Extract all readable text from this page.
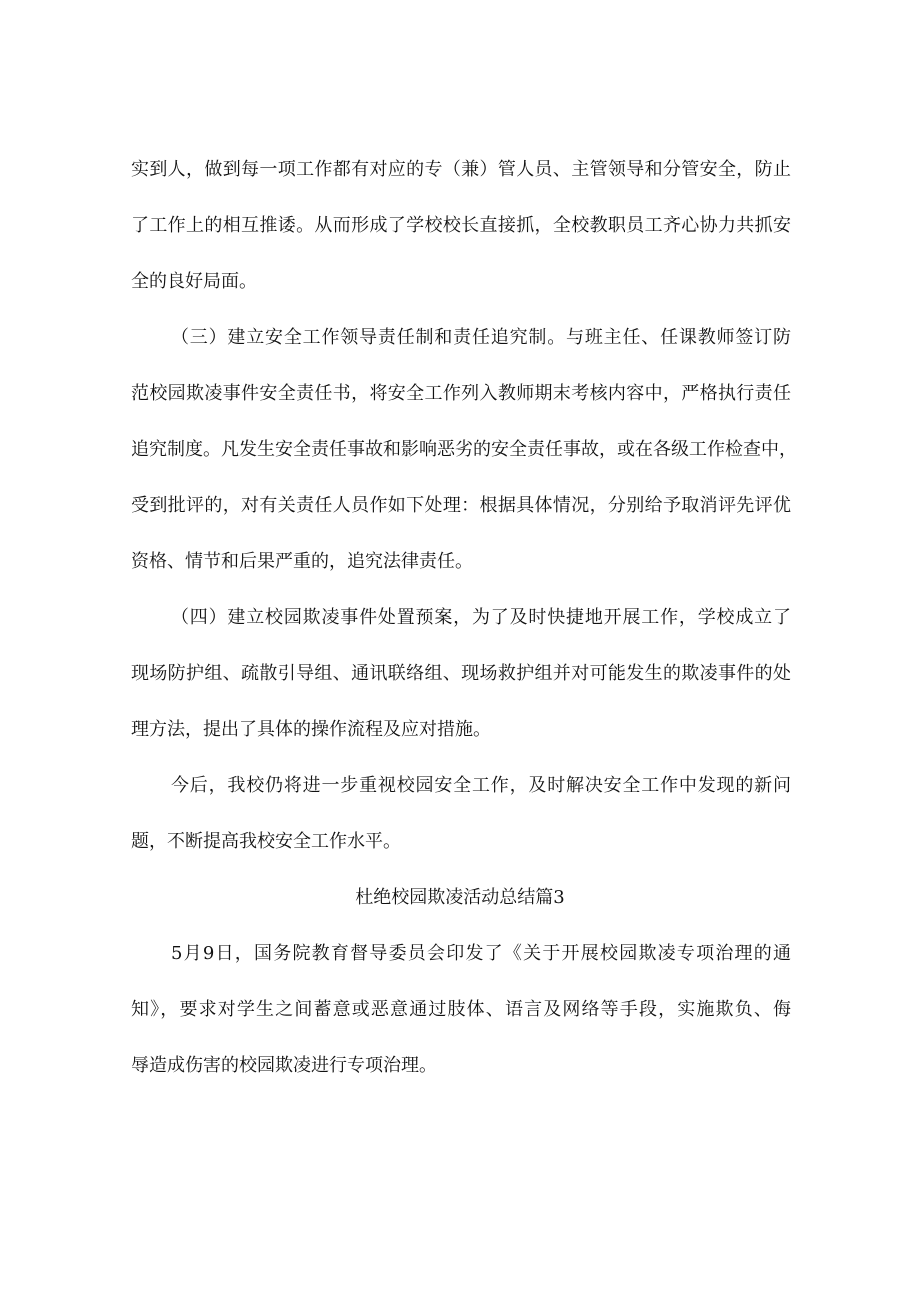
实到人，做到每一项工作都有对应的专（兼）管人员、主管领导和分管安全，防止
了工作上的相互推诿。从而形成了学校校长直接抓，全校教职员工齐心协力共抓安
全的良好局面。
（三）建立安全工作领导责任制和责任追究制。与班主任、任课教师签订防
范校园欺凌事件安全责任书，将安全工作列入教师期末考核内容中，严格执行责任
追究制度。凡发生安全责任事故和影响恶劣的安全责任事故，或在各级工作检查中，
受到批评的，对有关责任人员作如下处理：根据具体情况，分别给予取消评先评优
资格、情节和后果严重的，追究法律责任。
（四）建立校园欺凌事件处置预案，为了及时快捷地开展工作，学校成立了
现场防护组、疏散引导组、通讯联络组、现场救护组并对可能发生的欺凌事件的处
理方法，提出了具体的操作流程及应对措施。
今后，我校仍将进一步重视校园安全工作，及时解决安全工作中发现的新问
题，不断提高我校安全工作水平。
杜绝校园欺凌活动总结篇3
5月9日，国务院教育督导委员会印发了《关于开展校园欺凌专项治理的通
知》，要求对学生之间蓄意或恶意通过肢体、语言及网络等手段，实施欺负、侮
辱造成伤害的校园欺凌进行专项治理。
